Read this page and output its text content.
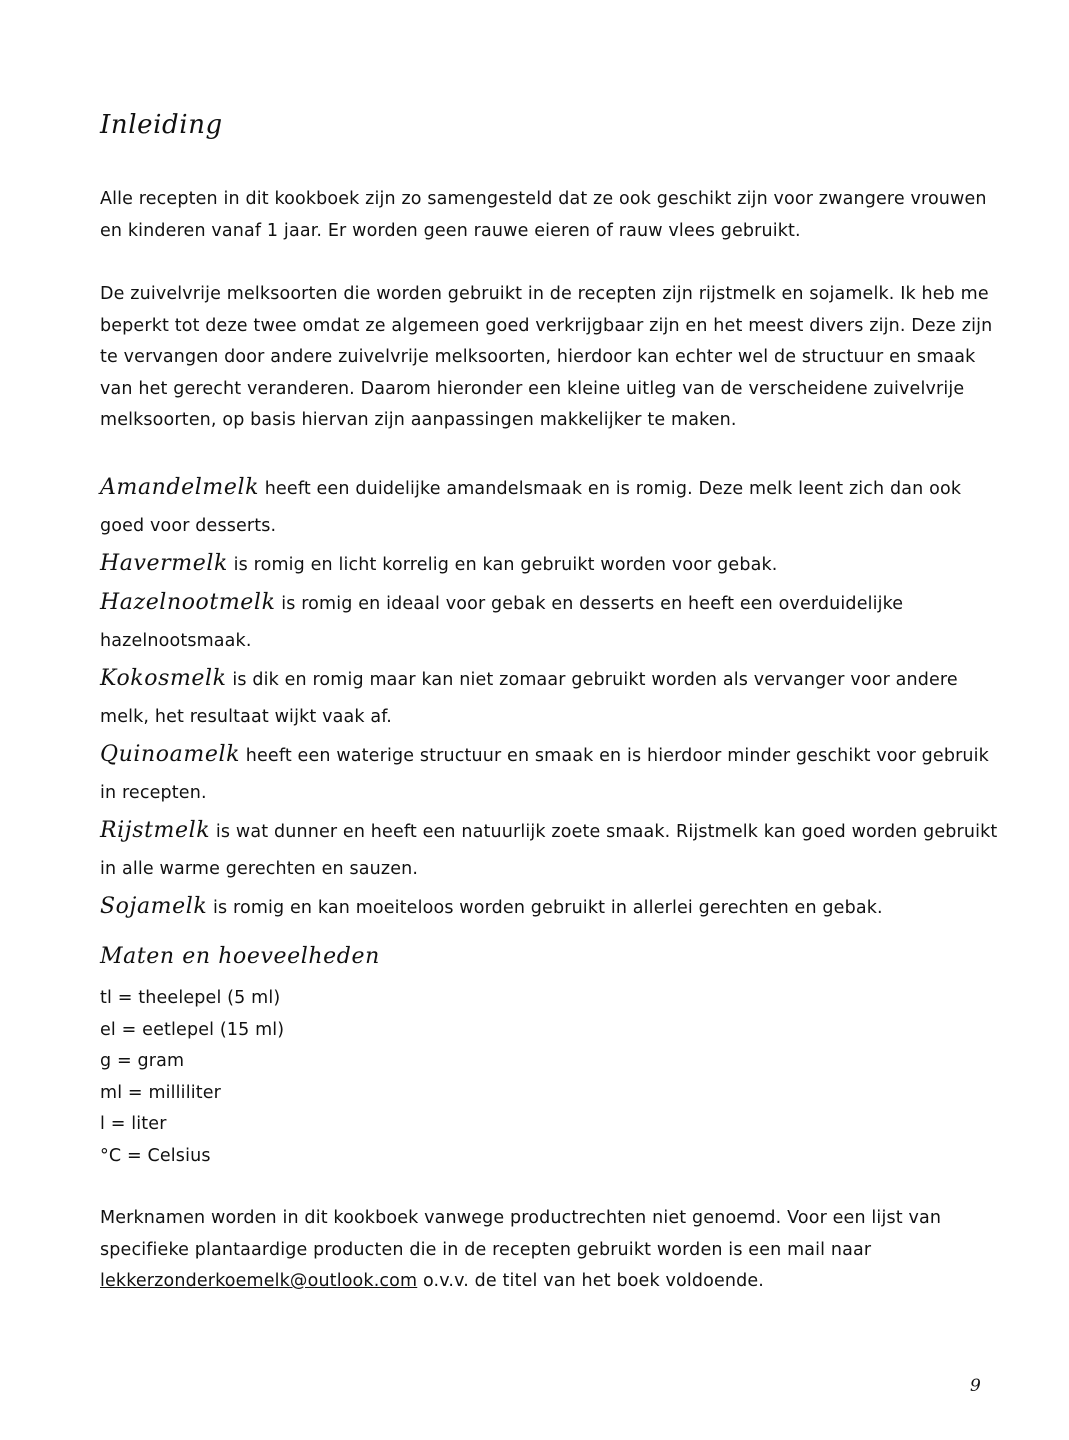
Inleiding

Alle recepten in dit kookboek zijn zo samengesteld dat ze ook geschikt zijn voor zwangere vrouwen en kinderen vanaf 1 jaar. Er worden geen rauwe eieren of rauw vlees gebruikt.

De zuivelvrije melksoorten die worden gebruikt in de recepten zijn rijstmelk en sojamelk. Ik heb me beperkt tot deze twee omdat ze algemeen goed verkrijgbaar zijn en het meest divers zijn. Deze zijn te vervangen door andere zuivelvrije melksoorten, hierdoor kan echter wel de structuur en smaak van het gerecht veranderen. Daarom hieronder een kleine uitleg van de verscheidene zuivelvrije melksoorten, op basis hiervan zijn aanpassingen makkelijker te maken.

Amandelmelk heeft een duidelijke amandelsmaak en is romig. Deze melk leent zich dan ook goed voor desserts.

Havermelk is romig en licht korrelig en kan gebruikt worden voor gebak.

Hazelnootmelk is romig en ideaal voor gebak en desserts en heeft een overduidelijke hazelnootsmaak.

Kokosmelk is dik en romig maar kan niet zomaar gebruikt worden als vervanger voor andere melk, het resultaat wijkt vaak af.

Quinoamelk heeft een waterige structuur en smaak en is hierdoor minder geschikt voor gebruik in recepten.

Rijstmelk is wat dunner en heeft een natuurlijk zoete smaak. Rijstmelk kan goed worden gebruikt in alle warme gerechten en sauzen.

Sojamelk is romig en kan moeiteloos worden gebruikt in allerlei gerechten en gebak.

Maten en hoeveelheden
tl = theelepel (5 ml)
el = eetlepel (15 ml)
g = gram
ml = milliliter
l = liter
°C = Celsius

Merknamen worden in dit kookboek vanwege productrechten niet genoemd. Voor een lijst van specifieke plantaardige producten die in de recepten gebruikt worden is een mail naar lekkerzonderkoemelk@outlook.com o.v.v. de titel van het boek voldoende.

9
